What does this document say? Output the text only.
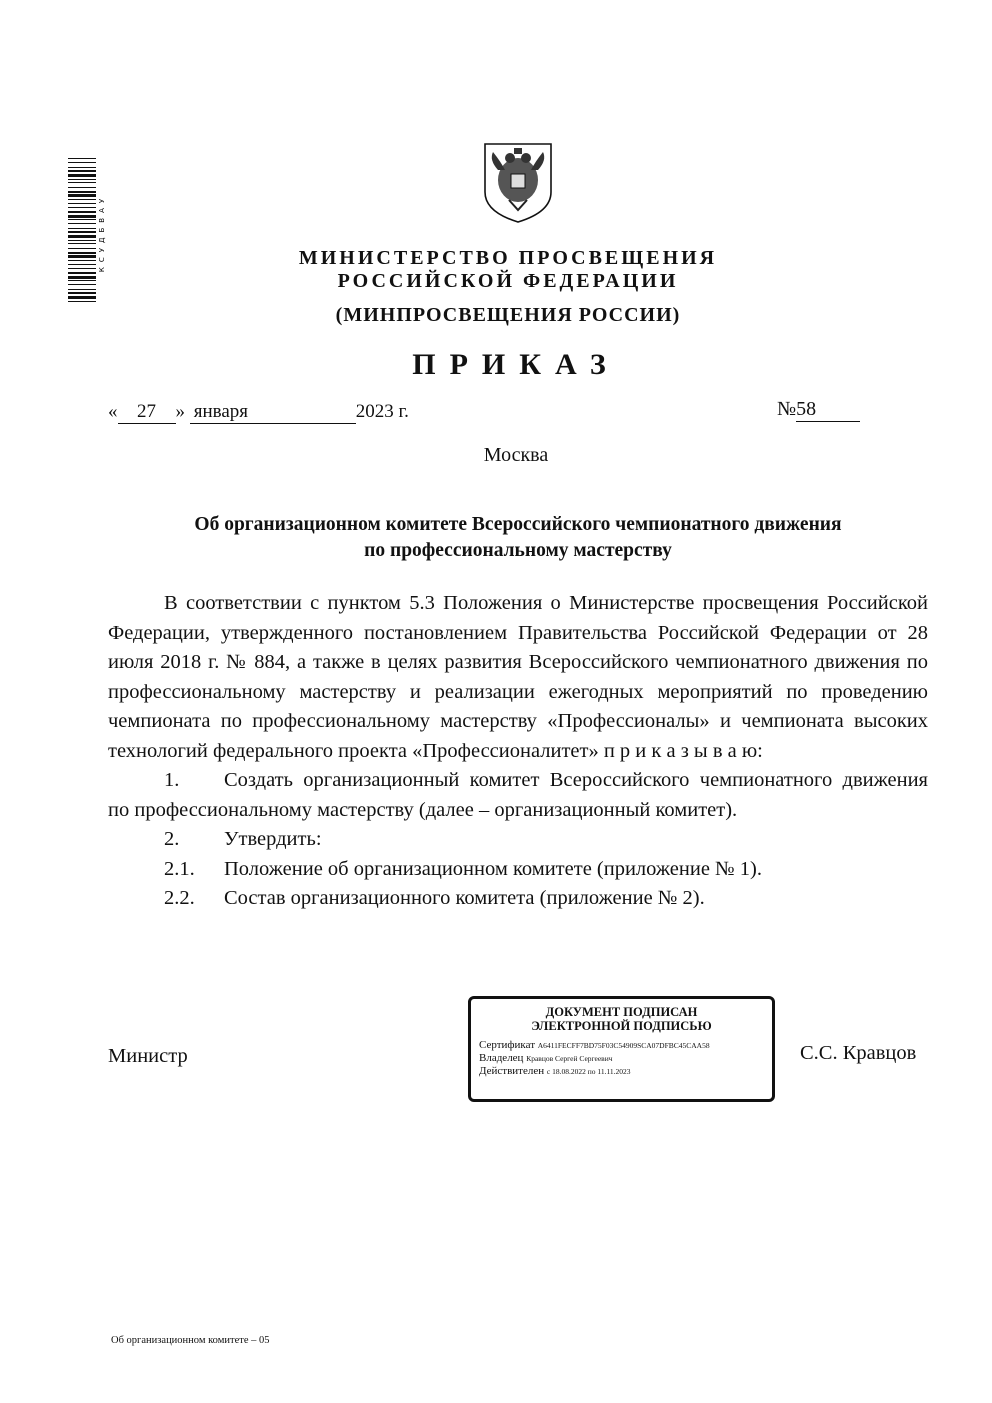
КСУДБВАУ	МИНИСТЕРСТВО ПРОСВЕЩЕНИЯ
РОССИЙСКОЙ ФЕДЕРАЦИИ
(МИНПРОСВЕЩЕНИЯ РОССИИ)
ПРИКАЗ
« 27 » января	2023 г.	№58
Москва
Об организационном комитете Всероссийского чемпионатного движения
по профессиональному мастерству

В соответствии с пунктом 5.3 Положения о Министерстве просвещения Российской Федерации, утвержденного постановлением Правительства Российской Федерации от 28 июля 2018 г. № 884, а также в целях развития Всероссийского чемпионатного движения по профессиональному мастерству и реализации ежегодных мероприятий по проведению чемпионата по профессиональному мастерству «Профессионалы» и чемпионата высоких технологий федерального проекта «Профессионалитет» п р и к а з ы в а ю:

1. Создать организационный комитет Всероссийского чемпионатного движения по профессиональному мастерству (далее – организационный комитет).

2.	Утвердить:
2.1.	Положение об организационном комитете (приложение № 1).
2.2.	Состав организационного комитета (приложение № 2).
Министр
ДОКУМЕНТ ПОДПИСАН
ЭЛЕКТРОННОЙ ПОДПИСЬЮ
Сертификат A6411FECFF7BD75F03C54909SCA07DFBC45CAA58
Владелец Кравцов Сергей Сергеевич
Действителен с 18.08.2022 по 11.11.2023
С.С. Кравцов
Об организационном комитете – 05
